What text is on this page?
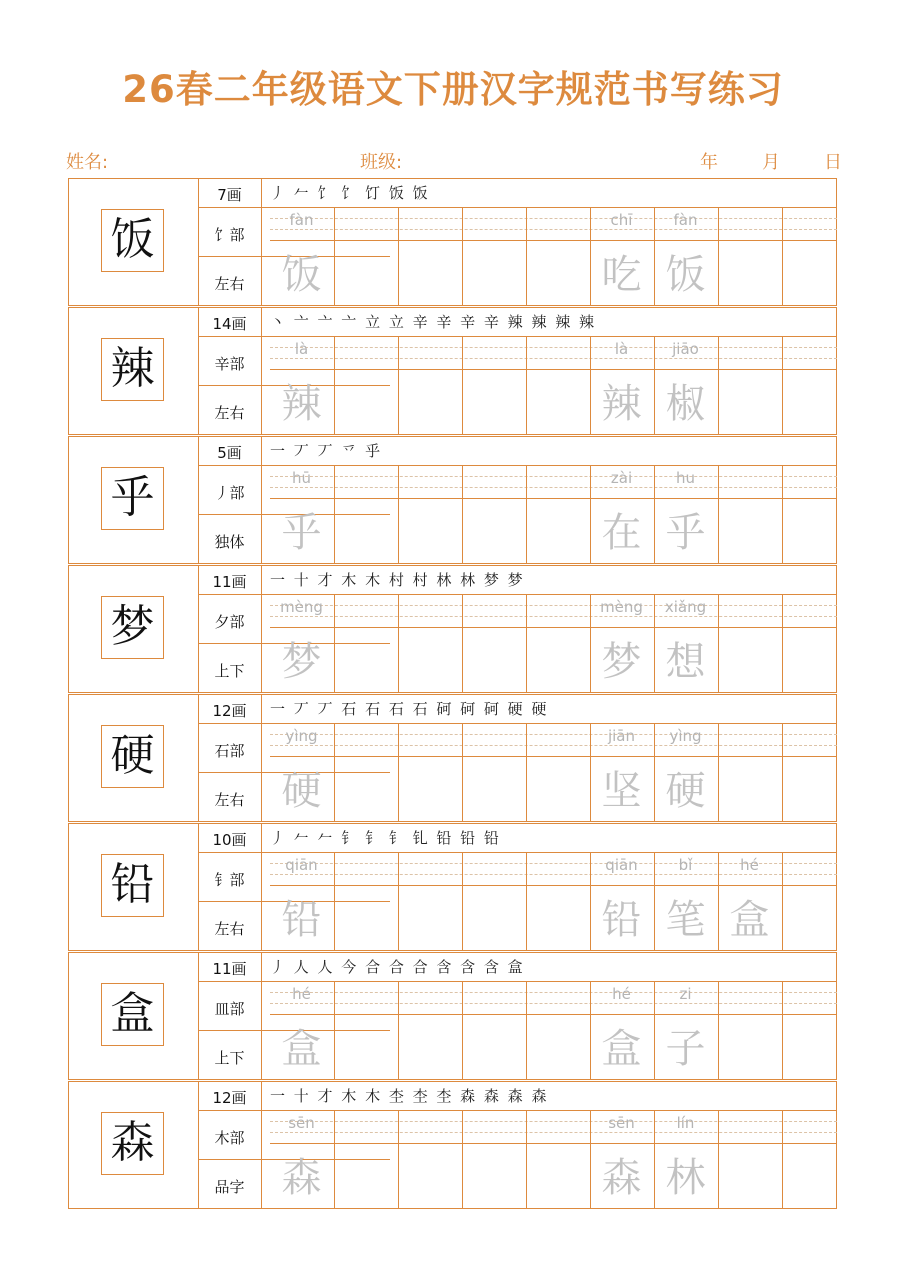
26春二年级语文下册汉字规范书写练习
姓名:	班级:	年 月 日
饭
7画
饣部
左右
丿 𠂉 饣 饣 饤 饭 饭
fàn
饭
chī
吃
fàn
饭
辣
14画
辛部
左右
丶 亠 亠 亠 立 立 辛 辛 辛 辛 辣 辣 辣 辣
là
辣
là
辣
jiāo
椒
乎
5画
丿部
独体
一 丆 丆 乊 乎
hū
乎
zài
在
hu
乎
梦
11画
夕部
上下
一 十 才 木 木 村 村 林 林 梦 梦
mèng
梦
mèng
梦
xiǎng
想
硬
12画
石部
左右
一 丆 丆 石 石 石 石 砢 砢 砢 硬 硬
yìng
硬
jiān
坚
yìng
硬
铅
10画
钅部
左右
丿 𠂉 𠂉 钅 钅 钅 钆 铅 铅 铅
qiān
铅
qiān
铅
bǐ
笔
hé
盒
盒
11画
皿部
上下
丿 人 人 今 合 合 合 含 含 含 盒
hé
盒
hé
盒
zi
子
森
12画
木部
品字
一 十 才 木 木 杢 杢 杢 森 森 森 森
sēn
森
sēn
森
lín
林
